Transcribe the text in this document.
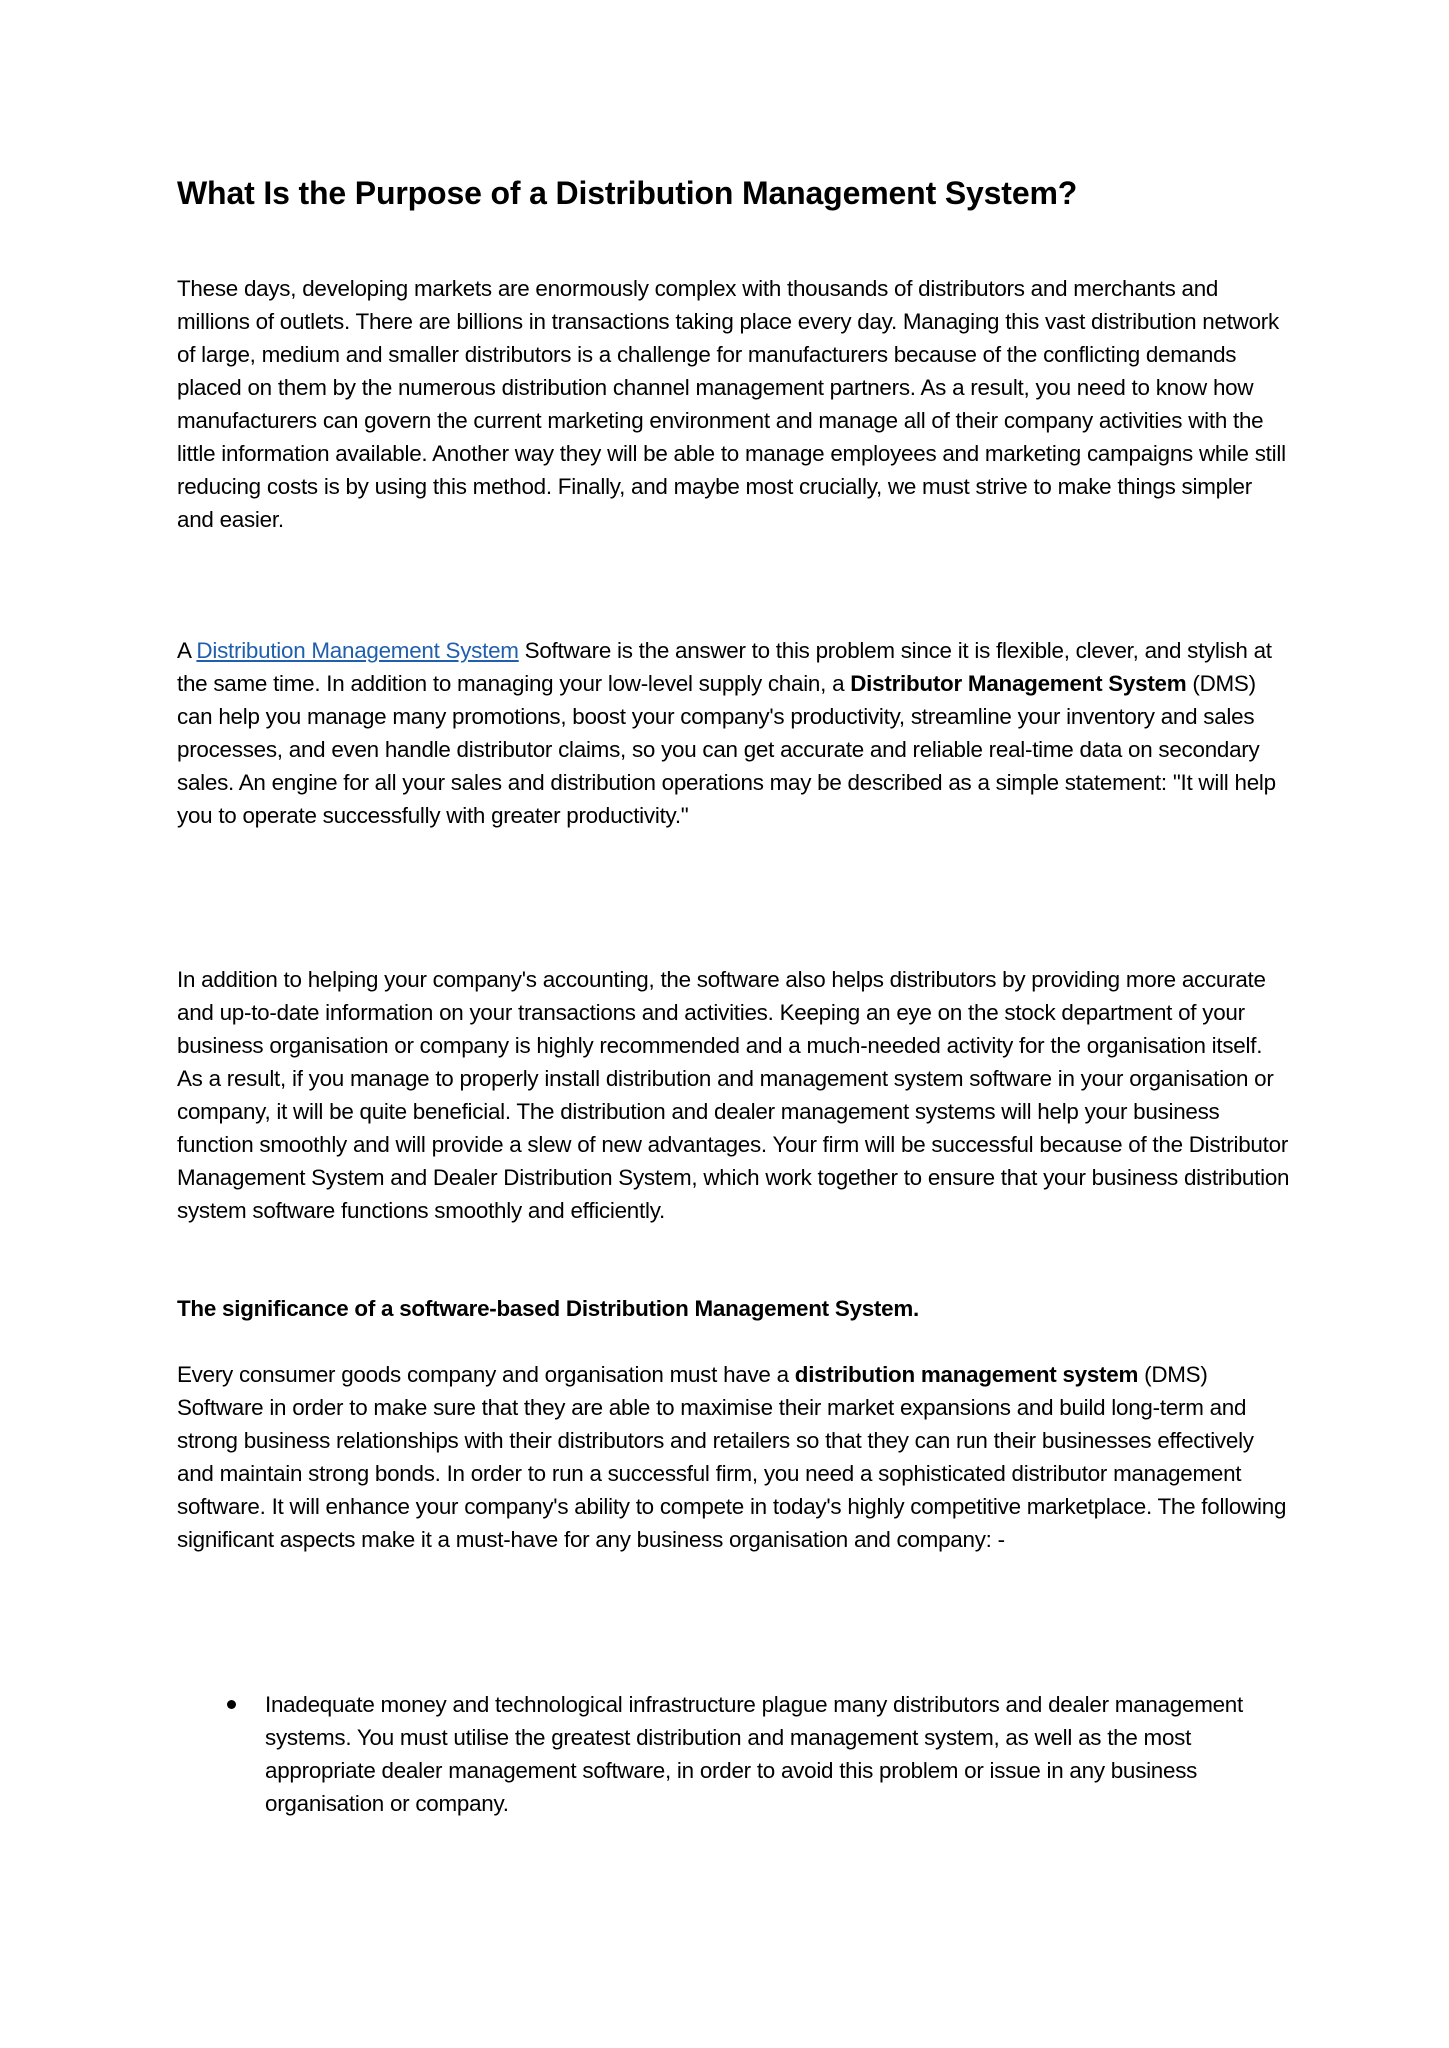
What Is the Purpose of a Distribution Management System?

These days, developing markets are enormously complex with thousands of distributors and merchants and millions of outlets. There are billions in transactions taking place every day. Managing this vast distribution network of large, medium and smaller distributors is a challenge for manufacturers because of the conflicting demands placed on them by the numerous distribution channel management partners. As a result, you need to know how manufacturers can govern the current marketing environment and manage all of their company activities with the little information available. Another way they will be able to manage employees and marketing campaigns while still reducing costs is by using this method. Finally, and maybe most crucially, we must strive to make things simpler and easier.

A Distribution Management System Software is the answer to this problem since it is flexible, clever, and stylish at the same time. In addition to managing your low-level supply chain, a Distributor Management System (DMS) can help you manage many promotions, boost your company's productivity, streamline your inventory and sales processes, and even handle distributor claims, so you can get accurate and reliable real-time data on secondary sales. An engine for all your sales and distribution operations may be described as a simple statement: "It will help you to operate successfully with greater productivity."

In addition to helping your company's accounting, the software also helps distributors by providing more accurate and up-to-date information on your transactions and activities. Keeping an eye on the stock department of your business organisation or company is highly recommended and a much-needed activity for the organisation itself. As a result, if you manage to properly install distribution and management system software in your organisation or company, it will be quite beneficial. The distribution and dealer management systems will help your business function smoothly and will provide a slew of new advantages. Your firm will be successful because of the Distributor Management System and Dealer Distribution System, which work together to ensure that your business distribution system software functions smoothly and efficiently.

The significance of a software-based Distribution Management System.

Every consumer goods company and organisation must have a distribution management system (DMS) Software in order to make sure that they are able to maximise their market expansions and build long-term and strong business relationships with their distributors and retailers so that they can run their businesses effectively and maintain strong bonds. In order to run a successful firm, you need a sophisticated distributor management software. It will enhance your company's ability to compete in today's highly competitive marketplace. The following significant aspects make it a must-have for any business organisation and company: -

Inadequate money and technological infrastructure plague many distributors and dealer management systems. You must utilise the greatest distribution and management system, as well as the most appropriate dealer management software, in order to avoid this problem or issue in any business organisation or company.
